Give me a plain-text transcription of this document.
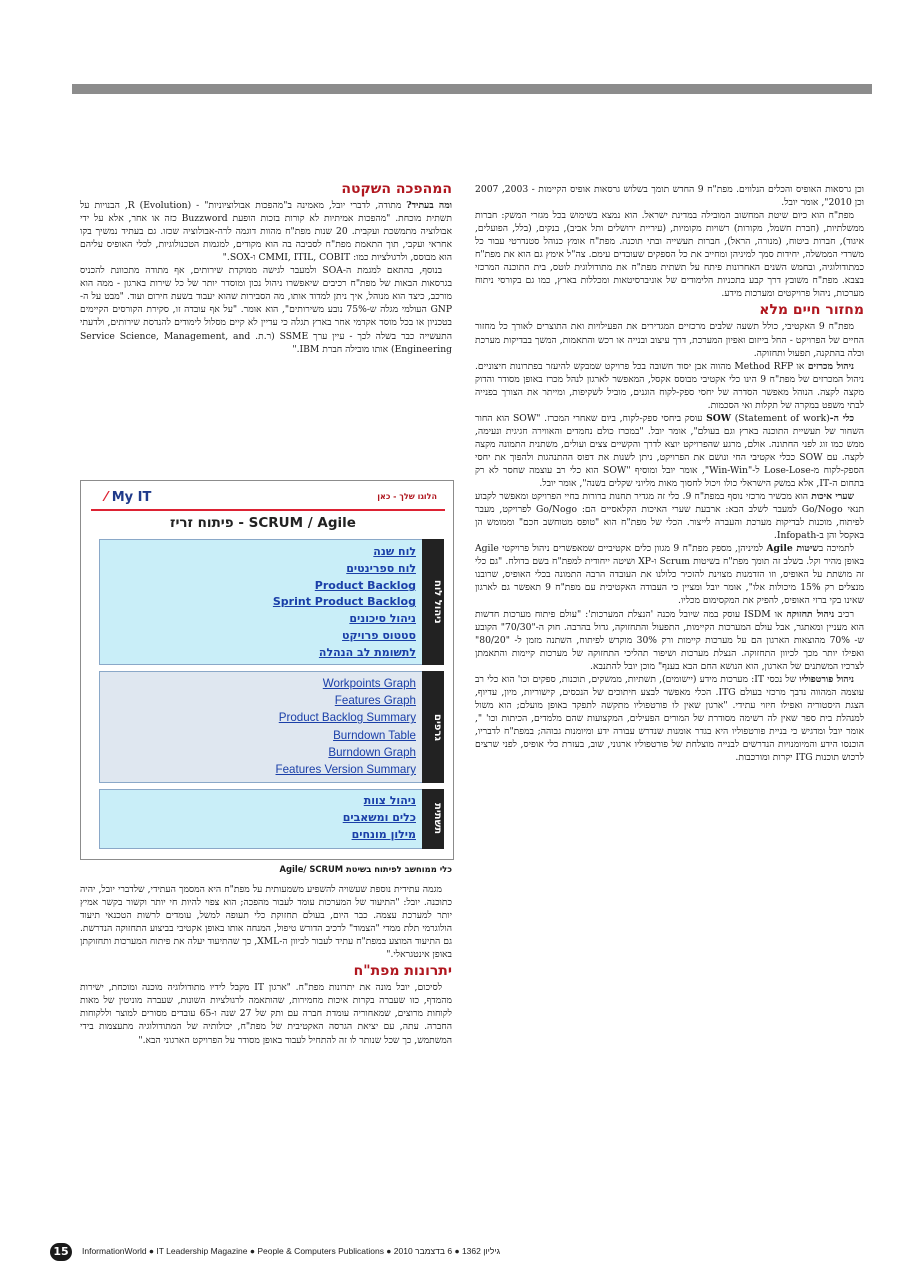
וכן גרסאות האופיס והכלים הנלווים. מפת"ח 9 החדש תומך בשלוש גרסאות אופיס הקיימות - 2003, 2007 וכן 2010", אומר יובל.

מפת"ח הוא כיום שיטת המחשוב המובילה במדינת ישראל. הוא נמצא בשימוש בכל מגזרי המשק: חברות ממשלתיות, (חברת חשמל, מקורות) רשויות מקומיות, (עיריית ירושלים ותל אביב), בנקים, (בלל, הפועלים, איגוד), חברות ביטוח, (מנורה, הראל), חברות תעשייה ובתי תוכנה. מפת"ח אומץ כנוהל סטנדרטי עבור כל משרדי הממשלה, יחידות סמך למיניהן ומחייב את כל הספקים שעובדים עימם. צה"ל אימץ גם הוא את מפת"ח כמתודולוגיה, ובחמש השנים האחרונות פיתח על תשתית מפת"ח את מתודולוגית לוטס, בית התוכנה המרכזי בצבא. מפת"ח משובץ דרך קבע בתכניות הלימודים של אוניברסיטאות ומכללות בארץ, כמו גם בקורסי ניתוח מערכות, ניהול פרויקטים ומערכות מידע.

מחזור חיים מלא

מפת"ח 9 האקטיבי, כולל תשעה שלבים מרכזיים המגדירים את הפעילויות ואת התוצרים לאורך כל מחזור החיים של הפרויקט - החל בייזום ואפיון המערכת, דרך עיצוב ובנייה או רכש והתאמות, המשך בבדיקות מערכת וכלה בהתקנה, תפעול ותחזוקה.

ניהול מכרזים או Method RFP מהווה אבן יסוד חשובה בכל פרויקט שמבקש להיעזר בפתרונות חיצוניים. ניהול המכרזים של מפת"ח 9 הינו כלי אקטיבי מבוסס אקסל, המאפשר לארגון לנהל מכרז באופן מסודר והדוק מקצה לקצה. הנוהל מאפשר הסדרה של יחסי ספק-לקוח הוגנים, מוביל לשקיפות, ומייתר את הצורך בפנייה לבתי משפט במקרה של תקלות ואי הסכמות.

כלי ה-SOW (Statement of work) עוסק ביחסי ספק-לקוח, ביום שאחרי המכרז. "SOW הוא החור השחור של תעשיית התוכנה בארץ וגם בעולם", אומר יובל. "במכרז כולם נחמדים והאווירה חגיגית ונעימה, ממש כמו זוג לפני החתונה. אולם, מרגע שהפרויקט יוצא לדרך והקשיים צצים ועולים, משתנית התמונה מקצה לקצה. עם SOW ככלי אקטיבי החי ונושם את הפרויקט, ניתן לשנות את דפוס ההתנהגות ולהפוך את יחסי הספק-לקוח מ-Lose-Lose ל-"Win-Win", אומר יובל ומוסיף "SOW הוא כלי רב עוצמה שחסר לא רק בתחום ה-IT, אלא במשק הישראלי כולו ויכול לחסוך מאות מליוני שקלים בשנה", אומר יובל.

שערי איכות הוא מכשיר מרכזי נוסף במפת"ח 9. כלי זה מגדיר תחנות ברורות בחיי הפרויקט ומאפשר לקבוע תנאי Go/Nogo למעבר לשלב הבא: ארבעת שערי האיכות הקלאסיים הם: Go/Nogo לפרויקט, מעבר לפיתוח, מוכנות לבדיקות מערכת והעברה לייצור. הכלי של מפת"ח הוא "טופס מטוחשב חכם" וממומש הן באקסל והן ב-Infopath.

לתמיכה בשיטות Agile למיניהן, מספק מפת"ח 9 מגוון כלים אקטיביים שמאפשרים ניהול פרויקטי Agile באופן מהיר וקל. בשלב זה תומך מפת"ח בשיטות Scrum ו-XP ושיטה ייחודית למפת"ח בשם בדולח. "גם כלי זה מושתת על האופיס, וזו הזדמנות מצוינת להזכיר כלולנו את העובדה הרבה התמונה בכלי האופיס, שרובנו מנצלים רק 15% מיכולות אלו", אומר יובל ומציין כי העבודה האקטיבית עם מפת"ח 9 תאפשר גם לארגון שאינו בקי ברזי האופיס, להפיק את המקסימום מכליו.

רכיב ניהול תחזוקה או ISDM עוסק במה שיובל מכנה 'הנצלת המערכות': "עולם פיתוח מערכות חדשות הוא מעניין ומאתגר, אבל עולם המערכות הקיימות, התפעול והתחזוקה, גדול בהרבה. חוק ה-"70/30" הקובע ש- 70% מהוצאות הארגון הם על מערכות קיימות ורק 30% מוקדש לפיתוח, השתנה מזמן ל- "80/20" ואפילו יותר מכך לכיוון התחזוקה. הנצלת מערכות ושיפור תהליכי התחזוקה של מערכות קיימות והתאמתן לצרכיו המשתנים של הארגון, הוא הנושא החם הבא בענף" מוכן יובל להתנבא.

ניהול פורטפוליו של נכסי IT: מערכות מידע (יישומים), תשתיות, ממשקים, תוכנות, ספקים וכו' הוא כלי רב עוצמה המהווה נדבך מרכזי בעולם ITG. הכלי מאפשר לבצע חיתוכים של הנכסים, קישוריות, מיון, עדיוף, הצגת היסטוריה ואפילו חיזוי עתידי. "ארגון שאין לו פורטפוליו מתקשה לתפקד באופן מועלם; הוא משול למנהלת בית ספר שאין לה רשימה מסודרת של המורים הפעילים, המקצועות שהם מלמדים, הכיתות וכו' ", אומר יובל ומדגיש כי בניית פורטפוליו היא בגדר אומנות שנדרש עבורה ידע ומיומנות גבוהה; במפת"ח לדבריו, הוכנסו הידע והמיומנויות הנדרשים לבנייה מוצלחת של פורטפוליו ארגוני, שוב, בעזרת כלי אופיס, לפני שרצים לרכוש תוכנות ITG יקרות ומורכבות.

המהפכה השקטה

ומה בעתיד? מתודה, לדברי יובל, מאמינה ב"מהפכות אבולוציוניות" - (Evolution) R, הבנויות על תשתית מוכחת. "מהפכות אמיתיות לא קורות בזכות הופעת Buzzword כזה או אחר, אלא על ידי אבולוציה מתמשכת ועקבית. 20 שנות מפת"ח מהוות דוגמה לרה-אבולוציה שכזו. גם בעתיד נמשיך בקו אחראי ועקבי, תוך התאמת מפת"ח לסביבה בה הוא מקודים, למגמות הטכנולוגיות, לכלי האופיס עליהם הוא מבוסס, ולרגולציות כמו: CMMI, ITIL, COBIT ו-SOX."

בנוסף, בהתאם למגמת ה-SOA ולמעבר לגישה ממוקדת שירותים, אף מתודה מתכוונת להכניס בגרסאות הבאות של מפת"ח רכיבים שיאפשרו ניהול נכון ומוסדר יותר של כל שירות בארגון - ממה הוא מורכב, כיצד הוא מנוהל, איך ניתן למדוד אותו, מה הסבירות שהוא יעבוד בשעת חירום ועוד. "מבט על ה-GNP העולמי מגלה ש-75% נובע משירותים", הוא אומר. "על אף עובדה זו, סקירת הקורסים הקיימים בטכניון או בכל מוסד אקדמי אחר בארץ תגלה כי עדיין לא קיים מסלול לימודים להנדסת שירותים, ולדעתי התעשייה כבר בשלה לכך - עיין ערך SSME (ר.ת. Service Science, Management, and Engineering) אותו מובילה חברת IBM."

⁄ My IT	הלוגו שלך - כאן
SCRUM / Agile - פיתוח זריז
ניהול לוח
לוח שנה
לוח ספרינטים
Product Backlog
Sprint Product Backlog
ניהול סיכונים
סטטוס פרויקט
לתשומת לב הנהלה
גרפים
Workpoints Graph
Features Graph
Product Backlog Summary
Burndown Table
Burndown Graph
Features Version Summary
תשתית
ניהול צוות
כלים ומשאבים
מילון מונחים
כלי ממוחשב לפיתוח בשיטת Agile/ SCRUM

מגמה עתידית נוספת שעשויה להשפיע משמעותית על מפת"ח היא המסמך העתידי, שלדברי יובל, יהיה כתוכנה. יובל: "התיעוד של המערכות עומד לעבור מהפכה; הוא צפוי להיות חי יותר וקשור בקשר אמיץ יותר למערכת עצמה. כבר היום, בעולם תחזוקת כלי תעופה למשל, עומדים לרשות הטכנאי תיעוד הולוגרמי תלת ממדי "הצמוד" לרכיב הדורש טיפול, המנחה אותו באופן אקטיבי בביצוע התחזוקה הנדרשת. גם התיעוד המוצע במפת"ח עתיד לעבור לכיוון ה-XML, כך שהתיעוד יעלה את פיתוח המערכות ותחזוקתן באופן אינטגראלי."

יתרונות מפת"ח

לסיכום, יובל מונה את יתרונות מפת"ח. "ארגון IT מקבל לידיו מתודולוגיה מוכנה ומוכחת, ישירות מהמדף, כזו שעברה בקרות איכות מחמירות, שהותאמה לרגולציות השונות, שעברה מוניטין של מאות לקוחות מרוצים, שמאחוריה עומדת חברה עם ותק של 27 שנה ו-65 עובדים מסורים למוצר וללקוחות החברה. עתה, עם יציאת הגרסה האקטיבית של מפת"ח, יכולותיה של המתודולוגיה מתעצמות בידי המשתמש, כך שכל שנותר לו זה להתחיל לעבוד באופן מסודר על הפרויקט הארגוני הבא."

15	InformationWorld ● IT Leadership Magazine ● People & Computers Publications ● 2010 גיליון 1362 ● 6 בדצמבר
